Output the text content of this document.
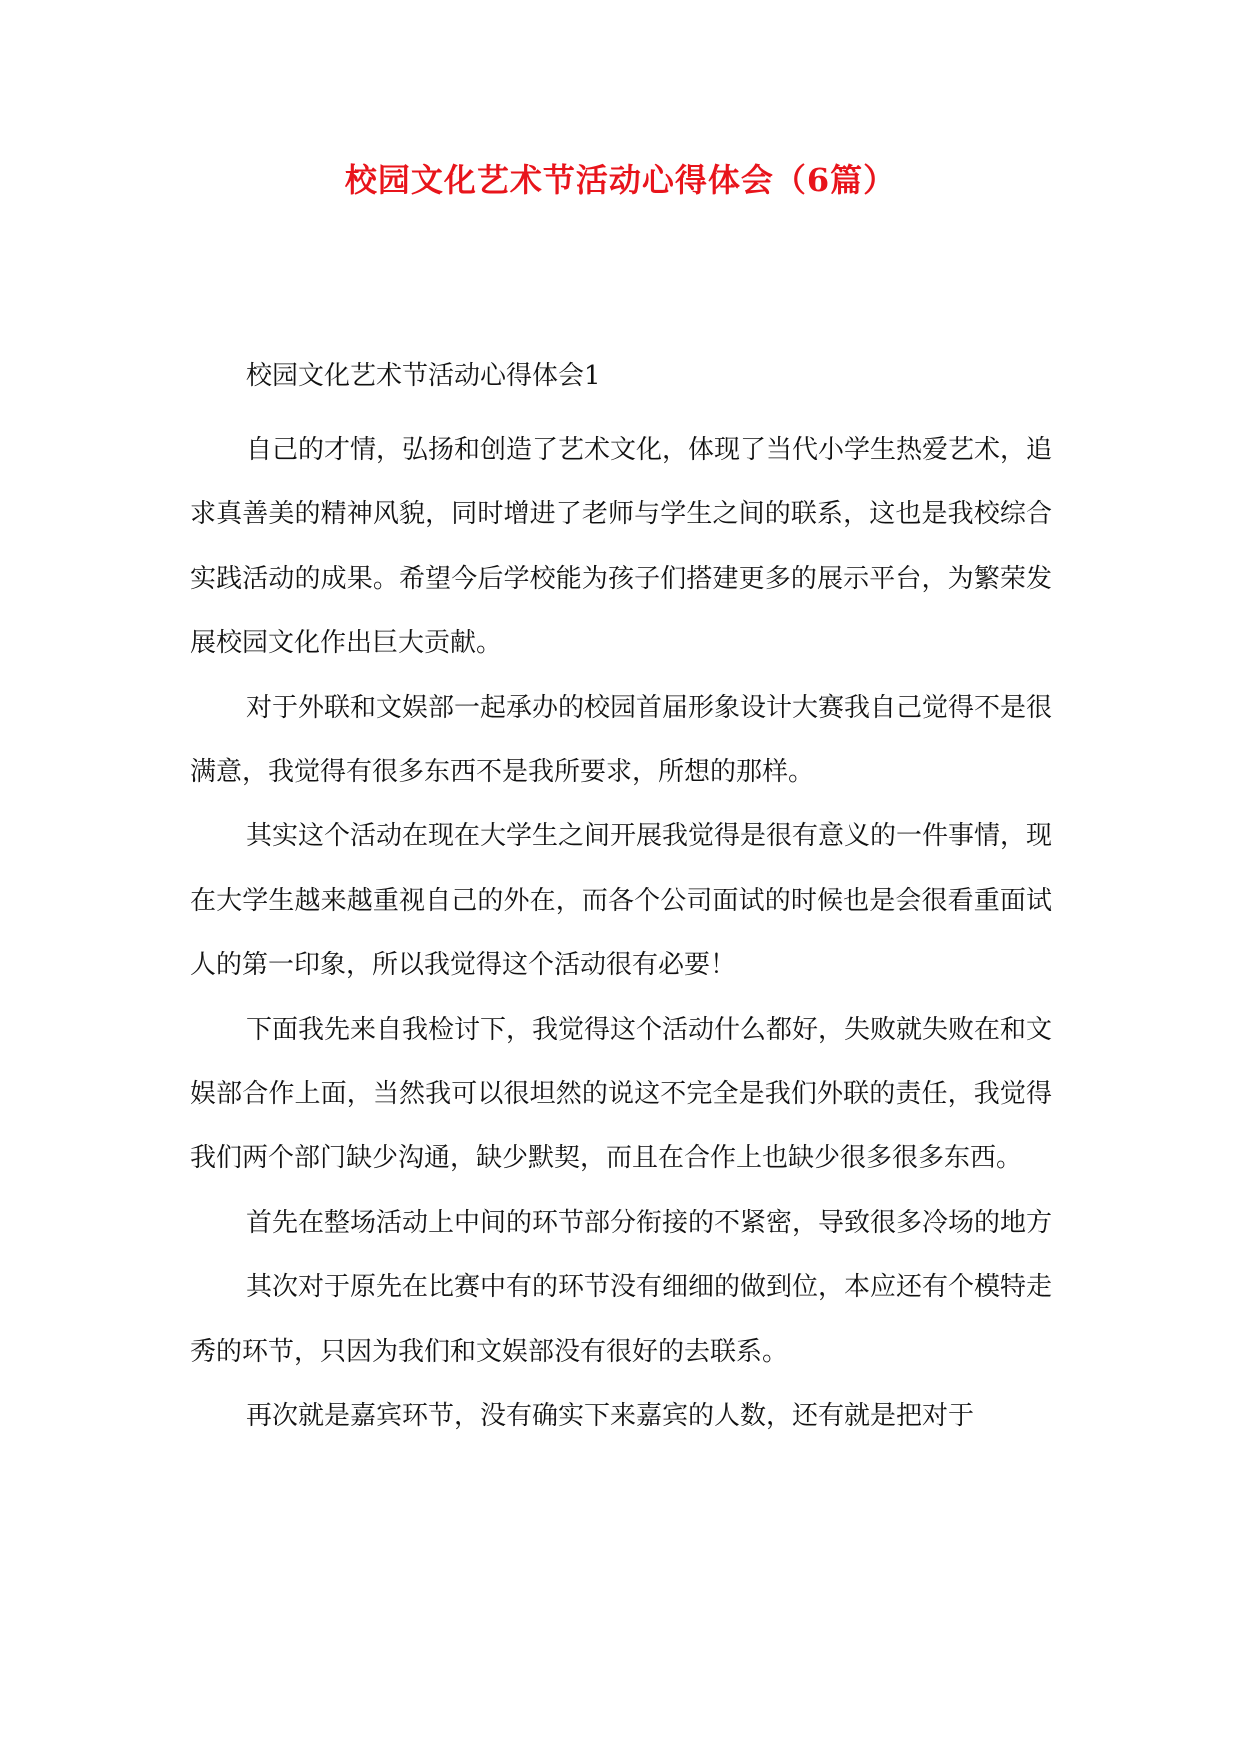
校园文化艺术节活动心得体会（6篇）
校园文化艺术节活动心得体会1

自己的才情，弘扬和创造了艺术文化，体现了当代小学生热爱艺术，追求真善美的精神风貌，同时增进了老师与学生之间的联系，这也是我校综合实践活动的成果。希望今后学校能为孩子们搭建更多的展示平台，为繁荣发展校园文化作出巨大贡献。

对于外联和文娱部一起承办的校园首届形象设计大赛我自己觉得不是很满意，我觉得有很多东西不是我所要求，所想的那样。

其实这个活动在现在大学生之间开展我觉得是很有意义的一件事情，现在大学生越来越重视自己的外在，而各个公司面试的时候也是会很看重面试人的第一印象，所以我觉得这个活动很有必要！

下面我先来自我检讨下，我觉得这个活动什么都好，失败就失败在和文娱部合作上面，当然我可以很坦然的说这不完全是我们外联的责任，我觉得我们两个部门缺少沟通，缺少默契，而且在合作上也缺少很多很多东西。

首先在整场活动上中间的环节部分衔接的不紧密，导致很多冷场的地方

其次对于原先在比赛中有的环节没有细细的做到位，本应还有个模特走秀的环节，只因为我们和文娱部没有很好的去联系。

再次就是嘉宾环节，没有确实下来嘉宾的人数，还有就是把对于
